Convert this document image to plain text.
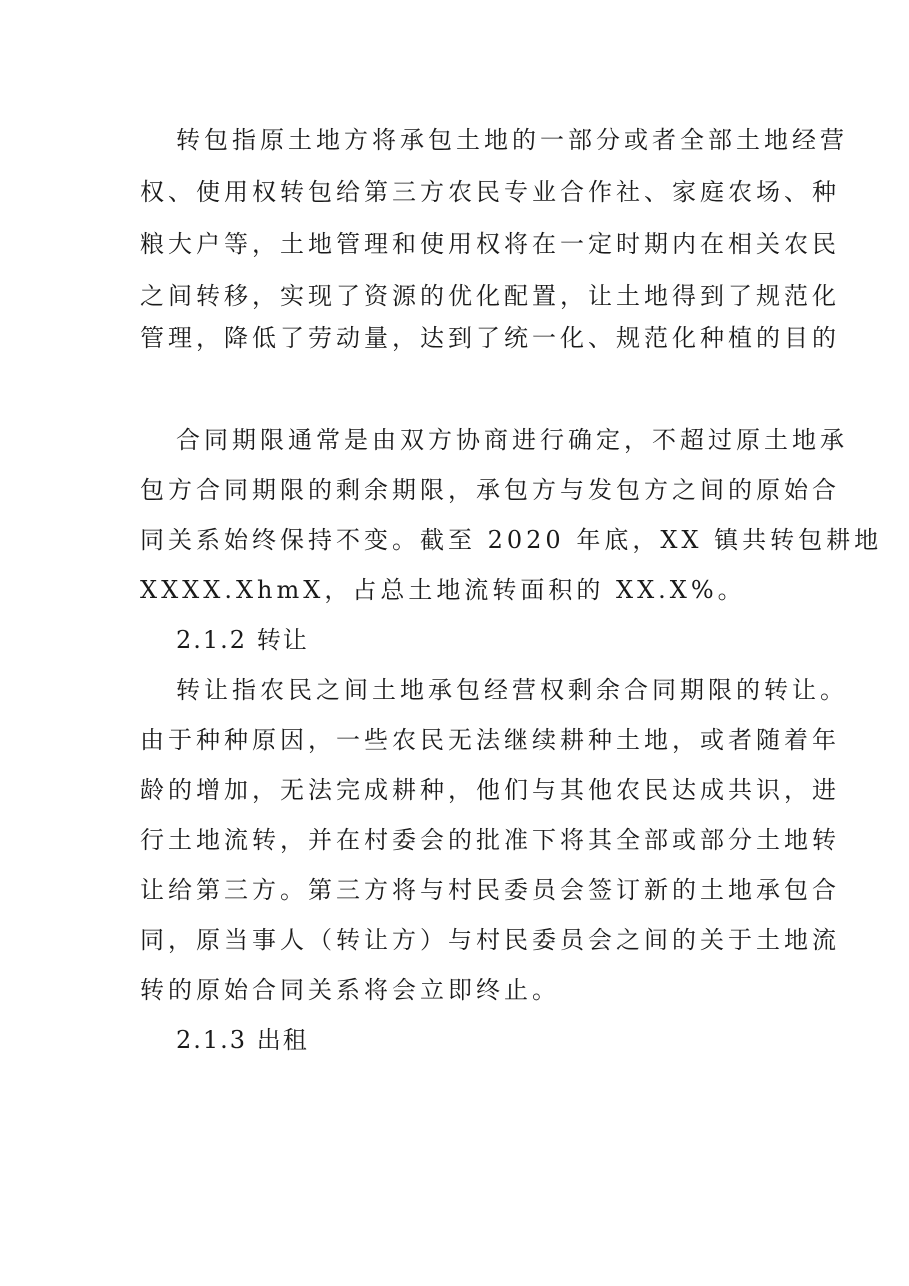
转包指原土地方将承包土地的一部分或者全部土地经营
权、使用权转包给第三方农民专业合作社、家庭农场、种
粮大户等，土地管理和使用权将在一定时期内在相关农民
之间转移，实现了资源的优化配置，让土地得到了规范化
管理，降低了劳动量，达到了统一化、规范化种植的目的
合同期限通常是由双方协商进行确定，不超过原土地承
包方合同期限的剩余期限，承包方与发包方之间的原始合
同关系始终保持不变。截至 2020 年底，XX 镇共转包耕地
XXXX.XhmX，占总土地流转面积的 XX.X%。
2.1.2 转让
转让指农民之间土地承包经营权剩余合同期限的转让。
由于种种原因，一些农民无法继续耕种土地，或者随着年
龄的增加，无法完成耕种，他们与其他农民达成共识，进
行土地流转，并在村委会的批准下将其全部或部分土地转
让给第三方。第三方将与村民委员会签订新的土地承包合
同，原当事人（转让方）与村民委员会之间的关于土地流
转的原始合同关系将会立即终止。
2.1.3 出租
